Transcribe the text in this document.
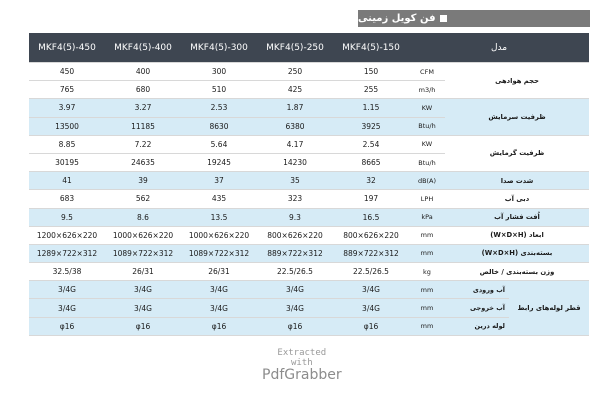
فن کویل زمینی
MKF4(5)-450	MKF4(5)-400	MKF4(5)-300	MKF4(5)-250	MKF4(5)-150	مدل		
450	400	300	250	150	CFM	حجم هوادهی	
765	680	510	425	255	m3/h		
3.97	3.27	2.53	1.87	1.15	KW	ظرفیت سرمایش	
13500	11185	8630	6380	3925	Btu/h		
8.85	7.22	5.64	4.17	2.54	KW	ظرفیت گرمایش	
30195	24635	19245	14230	8665	Btu/h		
41	39	37	35	32	dB(A)	شدت صدا	
683	562	435	323	197	LPH	دبی آب	
9.5	8.6	13.5	9.3	16.5	kPa	اُفت فشار آب	
1200×626×220	1000×626×220	1000×626×220	800×626×220	800×626×220	mm	ابعاد (W×D×H)	
1289×722×312	1089×722×312	1089×722×312	889×722×312	889×722×312	mm	بسته‌بندی (W×D×H)	
32.5/38	26/31	26/31	22.5/26.5	22.5/26.5	kg	وزن بسته‌بندی / خالص	
3/4G	3/4G	3/4G	3/4G	3/4G	mm	آب ورودی	قطر لوله‌های رابط
3/4G	3/4G	3/4G	3/4G	3/4G	mm	آب خروجی	
φ16	φ16	φ16	φ16	φ16	mm	لوله درین	
Extracted
with
PdfGrabber
